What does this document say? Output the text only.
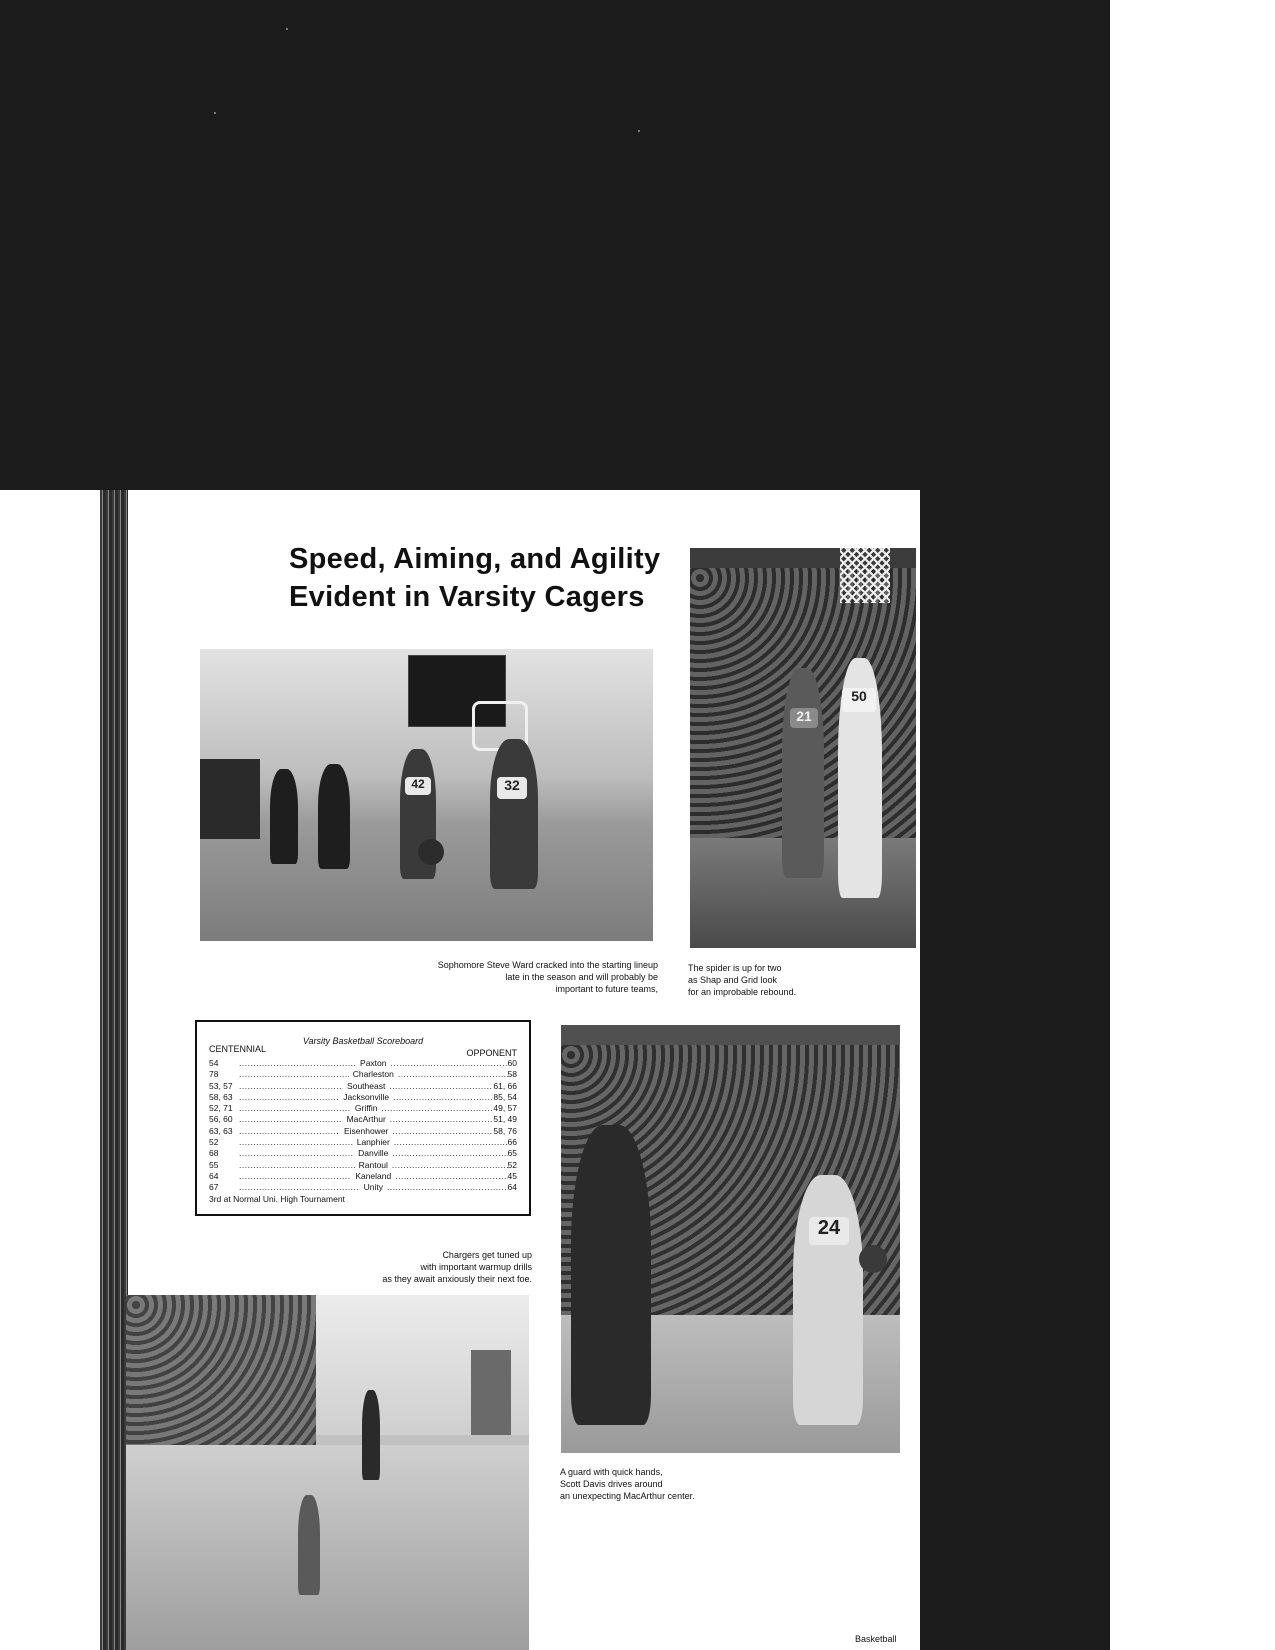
Speed, Aiming, and Agility
Evident in Varsity Cagers
32
42
21
50
Sophomore Steve Ward cracked into the starting lineup
late in the season and will probably be
important to future teams,
The spider is up for two
as Shap and Grid look
for an improbable rebound.
Varsity Basketball Scoreboard
CENTENNIAL	OPPONENT
54 .....	Paxton .....	60
78 .....	Charleston .....	58
53, 57 .....	Southeast .....	61, 66
58, 63 .....	Jacksonville .....	85, 54
52, 71 .....	Griffin .....	49, 57
56, 60 .....	MacArthur .....	51, 49
63, 63 .....	Eisenhower .....	58, 76
52 .....	Lanphier .....	66
68 .....	Danville .....	65
55 .....	Rantoul .....	52
64 .....	Kaneland .....	45
67 .....	Unity .....	64
3rd at Normal Uni. High Tournament
Chargers get tuned up
with important warmup drills
as they await anxiously their next foe.
24
A guard with quick hands,
Scott Davis drives around
an unexpecting MacArthur center.
Basketball
